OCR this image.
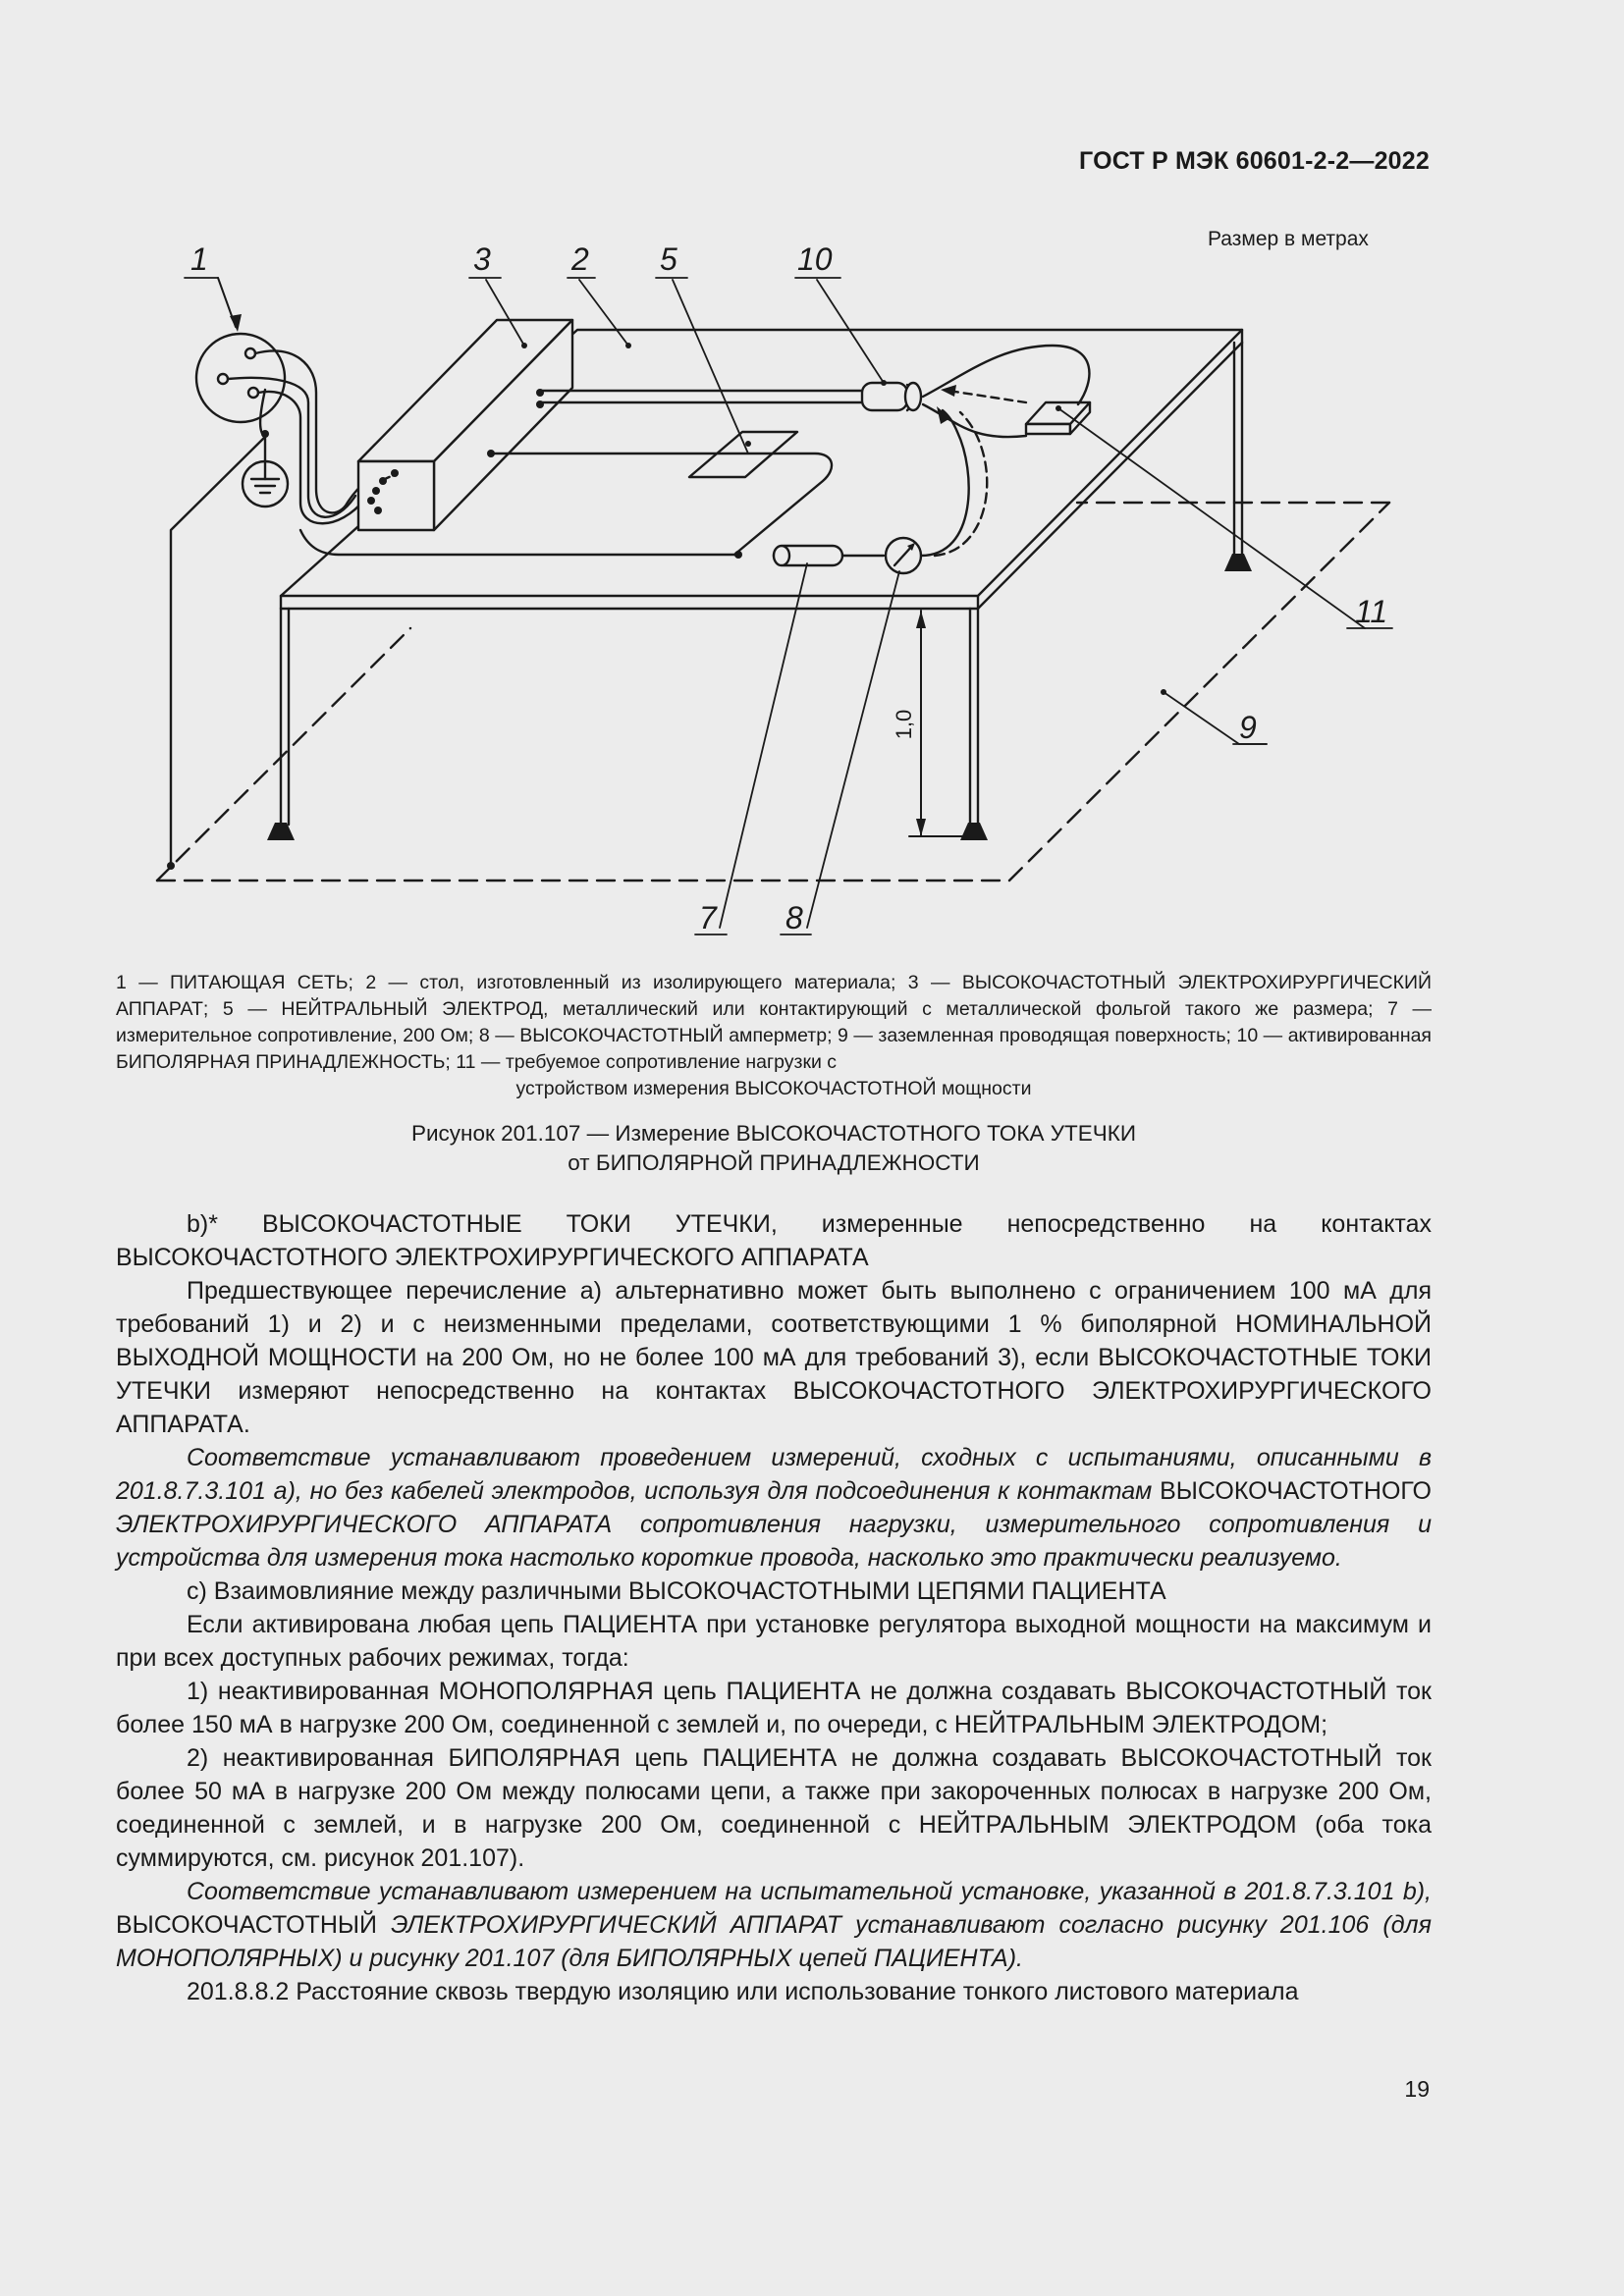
ГОСТ Р МЭК 60601-2-2—2022
1,0
1	3	2 5	10
11
9
7 8
Размер в метрах

1 — ПИТАЮЩАЯ СЕТЬ; 2 — стол, изготовленный из изолирующего материала; 3 — ВЫСОКОЧАСТОТНЫЙ ЭЛЕКТРОХИРУРГИЧЕСКИЙ АППАРАТ; 5 — НЕЙТРАЛЬНЫЙ ЭЛЕКТРОД, металлический или контактирующий с металлической фольгой такого же размера; 7 — измерительное сопротивление, 200 Ом; 8 — ВЫСОКОЧАСТОТНЫЙ амперметр; 9 — заземленная проводящая поверхность; 10 — активированная БИПОЛЯРНАЯ ПРИНАДЛЕЖНОСТЬ; 11 — требуемое сопротивление нагрузки с

устройством измерения ВЫСОКОЧАСТОТНОЙ мощности

Рисунок 201.107 — Измерение ВЫСОКОЧАСТОТНОГО ТОКА УТЕЧКИ

от БИПОЛЯРНОЙ ПРИНАДЛЕЖНОСТИ

b)* ВЫСОКОЧАСТОТНЫЕ ТОКИ УТЕЧКИ, измеренные непосредственно на контактах ВЫСОКОЧАСТОТНОГО ЭЛЕКТРОХИРУРГИЧЕСКОГО АППАРАТА

Предшествующее перечисление a) альтернативно может быть выполнено с ограничением 100 мА для требований 1) и 2) и с неизменными пределами, соответствующими 1 % биполярной НОМИНАЛЬНОЙ ВЫХОДНОЙ МОЩНОСТИ на 200 Ом, но не более 100 мА для требований 3), если ВЫСОКОЧАСТОТНЫЕ ТОКИ УТЕЧКИ измеряют непосредственно на контактах ВЫСОКОЧАСТОТНОГО ЭЛЕКТРОХИРУРГИЧЕСКОГО АППАРАТА.

Соответствие устанавливают проведением измерений, сходных с испытаниями, описанными в 201.8.7.3.101 a), но без кабелей электродов, используя для подсоединения к контактам ВЫСОКОЧАСТОТНОГО ЭЛЕКТРОХИРУРГИЧЕСКОГО АППАРАТА сопротивления нагрузки, измерительного сопротивления и устройства для измерения тока настолько короткие провода, насколько это практически реализуемо.

c) Взаимовлияние между различными ВЫСОКОЧАСТОТНЫМИ ЦЕПЯМИ ПАЦИЕНТА

Если активирована любая цепь ПАЦИЕНТА при установке регулятора выходной мощности на максимум и при всех доступных рабочих режимах, тогда:

1) неактивированная МОНОПОЛЯРНАЯ цепь ПАЦИЕНТА не должна создавать ВЫСОКОЧАСТОТНЫЙ ток более 150 мА в нагрузке 200 Ом, соединенной с землей и, по очереди, с НЕЙТРАЛЬНЫМ ЭЛЕКТРОДОМ;

2) неактивированная БИПОЛЯРНАЯ цепь ПАЦИЕНТА не должна создавать ВЫСОКОЧАСТОТНЫЙ ток более 50 мА в нагрузке 200 Ом между полюсами цепи, а также при закороченных полюсах в нагрузке 200 Ом, соединенной с землей, и в нагрузке 200 Ом, соединенной с НЕЙТРАЛЬНЫМ ЭЛЕКТРОДОМ (оба тока суммируются, см. рисунок 201.107).

Соответствие устанавливают измерением на испытательной установке, указанной в 201.8.7.3.101 b), ВЫСОКОЧАСТОТНЫЙ ЭЛЕКТРОХИРУРГИЧЕСКИЙ АППАРАТ устанавливают согласно рисунку 201.106 (для МОНОПОЛЯРНЫХ) и рисунку 201.107 (для БИПОЛЯРНЫХ цепей ПАЦИЕНТА).

201.8.8.2 Расстояние сквозь твердую изоляцию или использование тонкого листового материала

19
